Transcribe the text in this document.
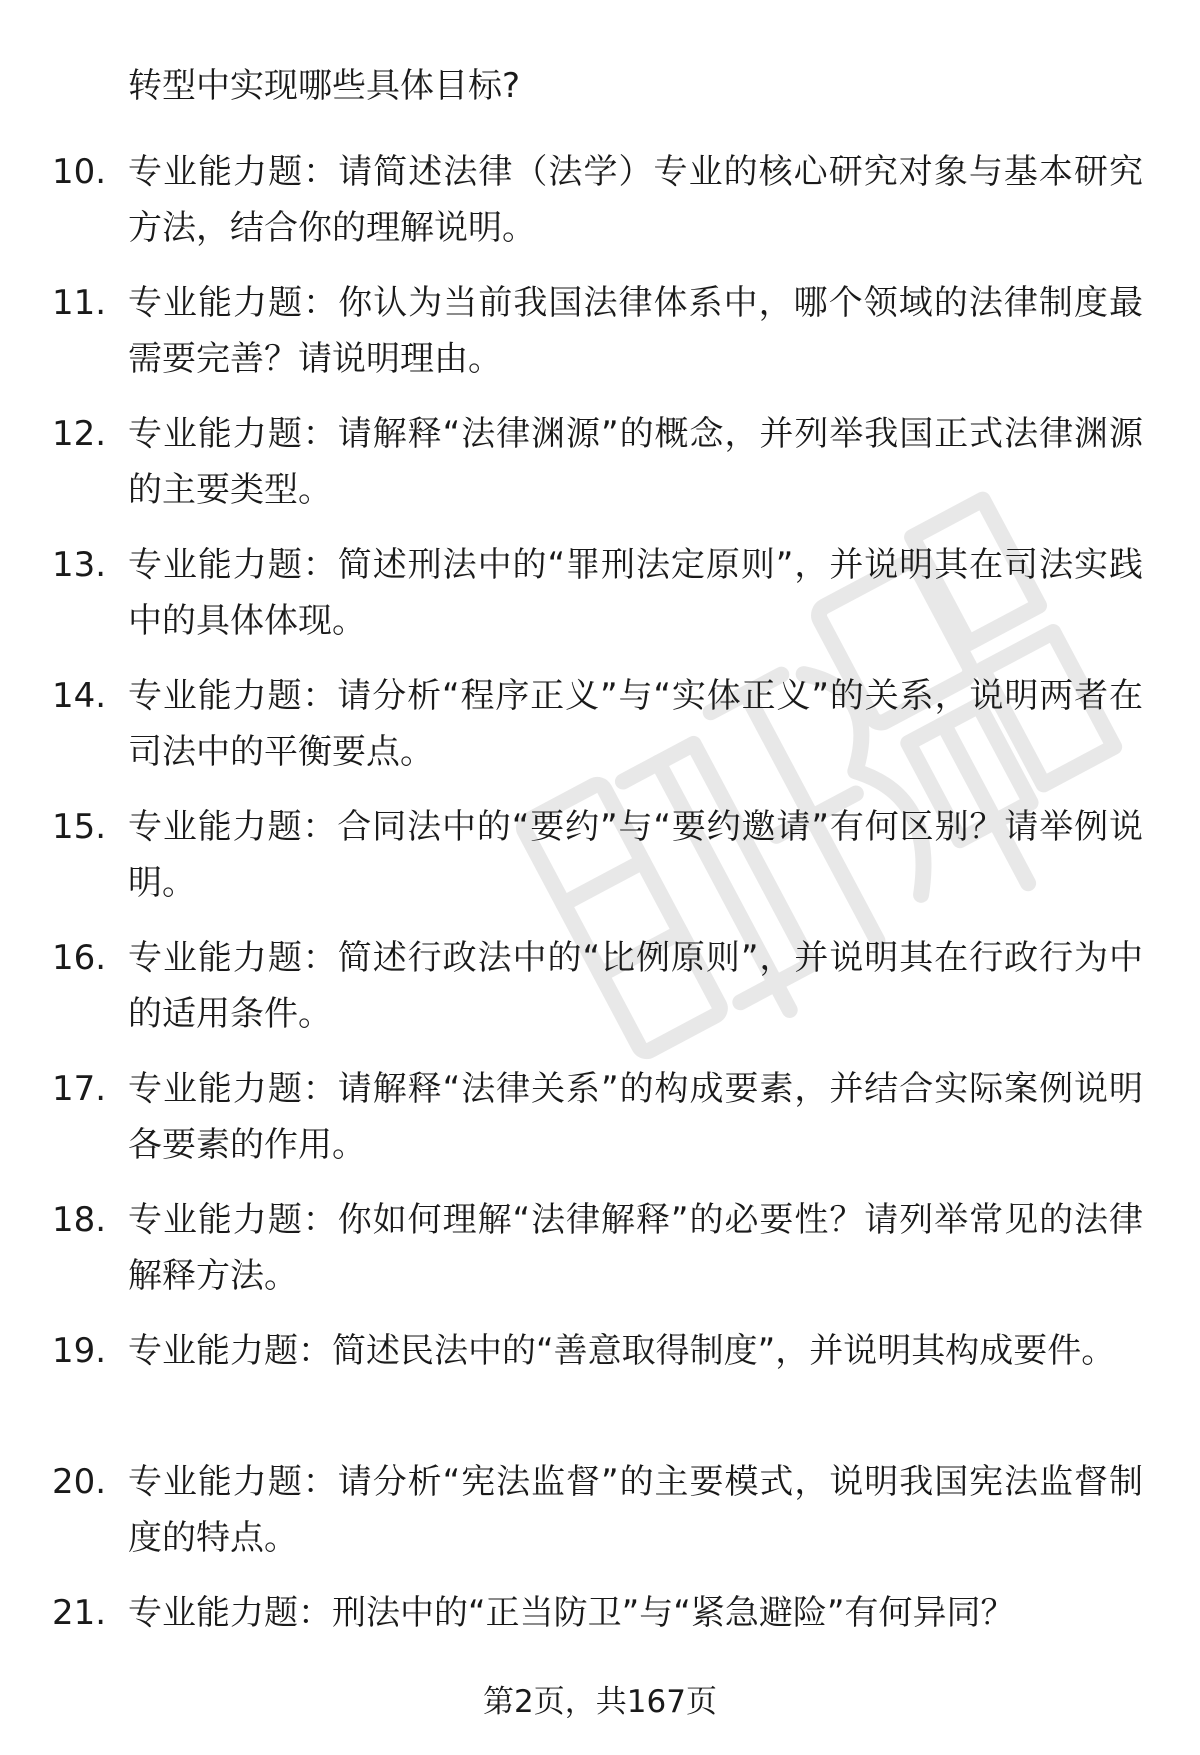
转型中实现哪些具体目标?
10. 专业能力题：请简述法律（法学）专业的核心研究对象与基本研究方法，结合你的理解说明。
11. 专业能力题：你认为当前我国法律体系中，哪个领域的法律制度最需要完善？请说明理由。
12. 专业能力题：请解释“法律渊源”的概念，并列举我国正式法律渊源的主要类型。
13. 专业能力题：简述刑法中的“罪刑法定原则”，并说明其在司法实践中的具体体现。
14. 专业能力题：请分析“程序正义”与“实体正义”的关系，说明两者在司法中的平衡要点。
15. 专业能力题：合同法中的“要约”与“要约邀请”有何区别？请举例说明。
16. 专业能力题：简述行政法中的“比例原则”，并说明其在行政行为中的适用条件。
17. 专业能力题：请解释“法律关系”的构成要素，并结合实际案例说明各要素的作用。
18. 专业能力题：你如何理解“法律解释”的必要性？请列举常见的法律解释方法。
19. 专业能力题：简述民法中的“善意取得制度”，并说明其构成要件。
20. 专业能力题：请分析“宪法监督”的主要模式，说明我国宪法监督制度的特点。
21. 专业能力题：刑法中的“正当防卫”与“紧急避险”有何异同？
第2页，共167页
